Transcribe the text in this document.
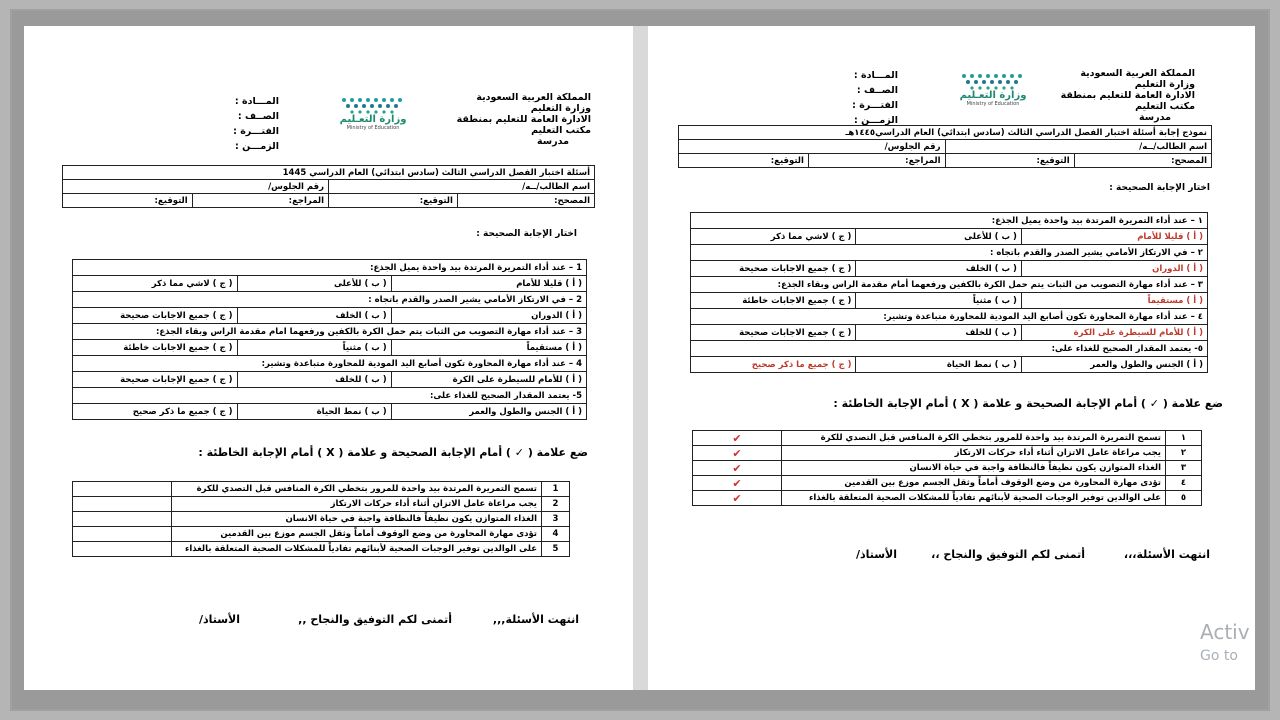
المملكة العربية السعودية
وزارة التعليم
الادارة العامة للتعليم بمنطقة
مكتب التعليم
مدرسة
وزارة التعـليم
Ministry of Education
المـــادة :
الصــف :
الفتـــرة :
الزمـــن :
أسئلة اختبار الفصل الدراسي الثالث (سادس ابتدائي) العام الدراسي 1445			
اسم الطالب/ــه/		رقم الجلوس/	
المصحح:	التوقيع:	المراجع:	التوقيع:
اختار الإجابة الصحيحة :
1 – عند أداء التمريرة المرتدة بيد واحدة يميل الجذع:		
( أ ) قليلا للأمام	( ب ) للأعلى	( ج ) لاشي مما ذكر
2 – في الارتكاز الأمامي يشير الصدر والقدم باتجاه :		
( أ ) الدوران	( ب ) الخلف	( ج ) جميع الاجابات صحيحة
3 – عند أداء مهارة التصويب من الثبات يتم حمل الكرة بالكفين ورفعهما امام مقدمة الراس وبقاء الجذع:		
( أ ) مستقيماً	( ب ) مثنياً	( ج ) جميع الاجابات خاطئة
4 – عند أداء مهارة المحاورة تكون أصابع اليد المودية للمحاورة متباعدة وتشير:		
( أ ) للأمام للسيطرة على الكرة	( ب ) للخلف	( ج ) جميع الإجابات صحيحة
5- يعتمد المقدار الصحيح للغذاء على:		
( أ ) الجنس والطول والعمر	( ب ) نمط الحياة	( ج ) جميع ما ذكر صحيح
ضع علامة ( ✓ ) أمام الإجابة الصحيحة و علامة ( X ) أمام الإجابة الخاطئة :
1	تسمح التمريرة المرتدة بيد واحدة للمرور بتخطي الكرة المنافس قبل التصدي للكرة	
2	يجب مراعاة عامل الاتزان أثناء أداء حركات الارتكاز	
3	الغذاء المتوازن يكون نظيفاً فالنظافة واجبة في حياة الانسان	
4	تؤدى مهارة المحاورة من وضع الوقوف أماماً وثقل الجسم موزع بين القدمين	
5	على الوالدين توفير الوجبات الصحية لأبنائهم تفادياً للمشكلات الصحية المتعلقة بالغذاء	
انتهت الأسئلة,,,
أتمنى لكم التوفيق والنجاح ,,
الأستاذ/
المملكة العربية السعودية
وزارة التعليم
الادارة العامة للتعليم بمنطقة
مكتب التعليم
مدرسة
وزارة التعـليم
Ministry of Education
المـــادة :
الصــف :
الفتـــرة :
الزمـــن :
نموذج إجابة أسئلة اختبار الفصل الدراسي الثالث (سادس ابتدائي) العام الدراسي١٤٤٥هـ			
اسم الطالب/ــه/		رقم الجلوس/	
المصحح:	التوقيع:	المراجع:	التوقيع:
اختار الإجابة الصحيحة :
١ – عند أداء التمريرة المرتدة بيد واحدة يميل الجذع:		
( أ ) قليلا للأمام	( ب ) للأعلى	( ج ) لاشي مما ذكر
٢ – في الارتكاز الأمامي يشير الصدر والقدم باتجاه :		
( أ ) الدوران	( ب ) الخلف	( ج ) جميع الاجابات صحيحة
٣ – عند أداء مهارة التصويب من الثبات يتم حمل الكرة بالكفين ورفعهما أمام مقدمة الراس وبقاء الجذع:		
( أ ) مستقيماً	( ب ) مثنياً	( ج ) جميع الاجابات خاطئة
٤ – عند أداء مهارة المحاورة تكون أصابع اليد المودية للمحاورة متباعدة وتشير:		
( أ ) للأمام للسيطرة على الكرة	( ب ) للخلف	( ج ) جميع الاجابات صحيحة
٥- يعتمد المقدار الصحيح للغذاء على:		
( أ ) الجنس والطول والعمر	( ب ) نمط الحياة	( ج ) جميع ما ذكر صحيح
ضع علامة ( ✓ ) أمام الإجابة الصحيحة و علامة ( X ) أمام الإجابة الخاطئة :
١	تسمح التمريرة المرتدة بيد واحدة للمرور بتخطي الكرة المنافس قبل التصدي للكرة	✔
٢	يجب مراعاة عامل الاتزان أثناء أداء حركات الارتكاز	✔
٣	الغذاء المتوازن يكون نظيفاً فالنظافة واجبة في حياة الانسان	✔
٤	تؤدى مهارة المحاورة من وضع الوقوف أماماً وثقل الجسم موزع بين القدمين	✔
٥	على الوالدين توفير الوجبات الصحية لأبنائهم تفادياً للمشكلات الصحية المتعلقة بالغذاء	✔
انتهت الأسئلة،،،
أتمنى لكم التوفيق والنجاح ،،
الأستاذ/
Activ
Go to
